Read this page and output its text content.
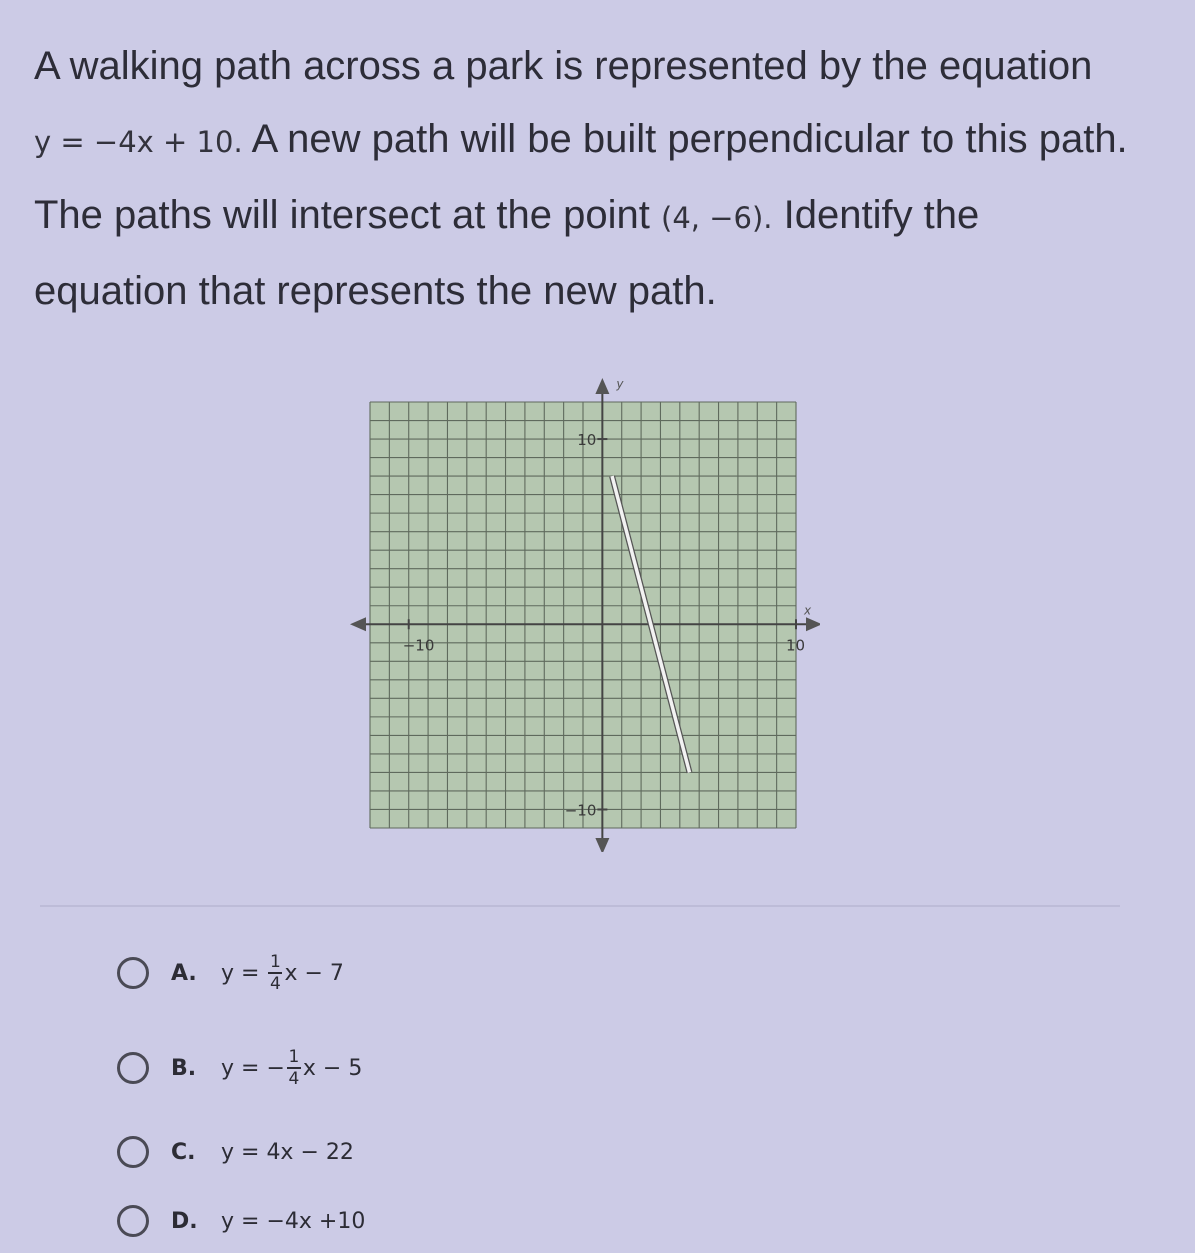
A walking path across a park is represented by the equation
y = −4x + 10. A new path will be built perpendicular to this path.
The paths will intersect at the point (4, −6). Identify the
equation that represents the new path.
x
y
−10	10
10
−10
A.	$y = \frac{1}{4}$ x − 7
B.	y = − $\frac{1}{4}$ x − 5
C.	y = 4x − 22
D.	y = −4x +10
